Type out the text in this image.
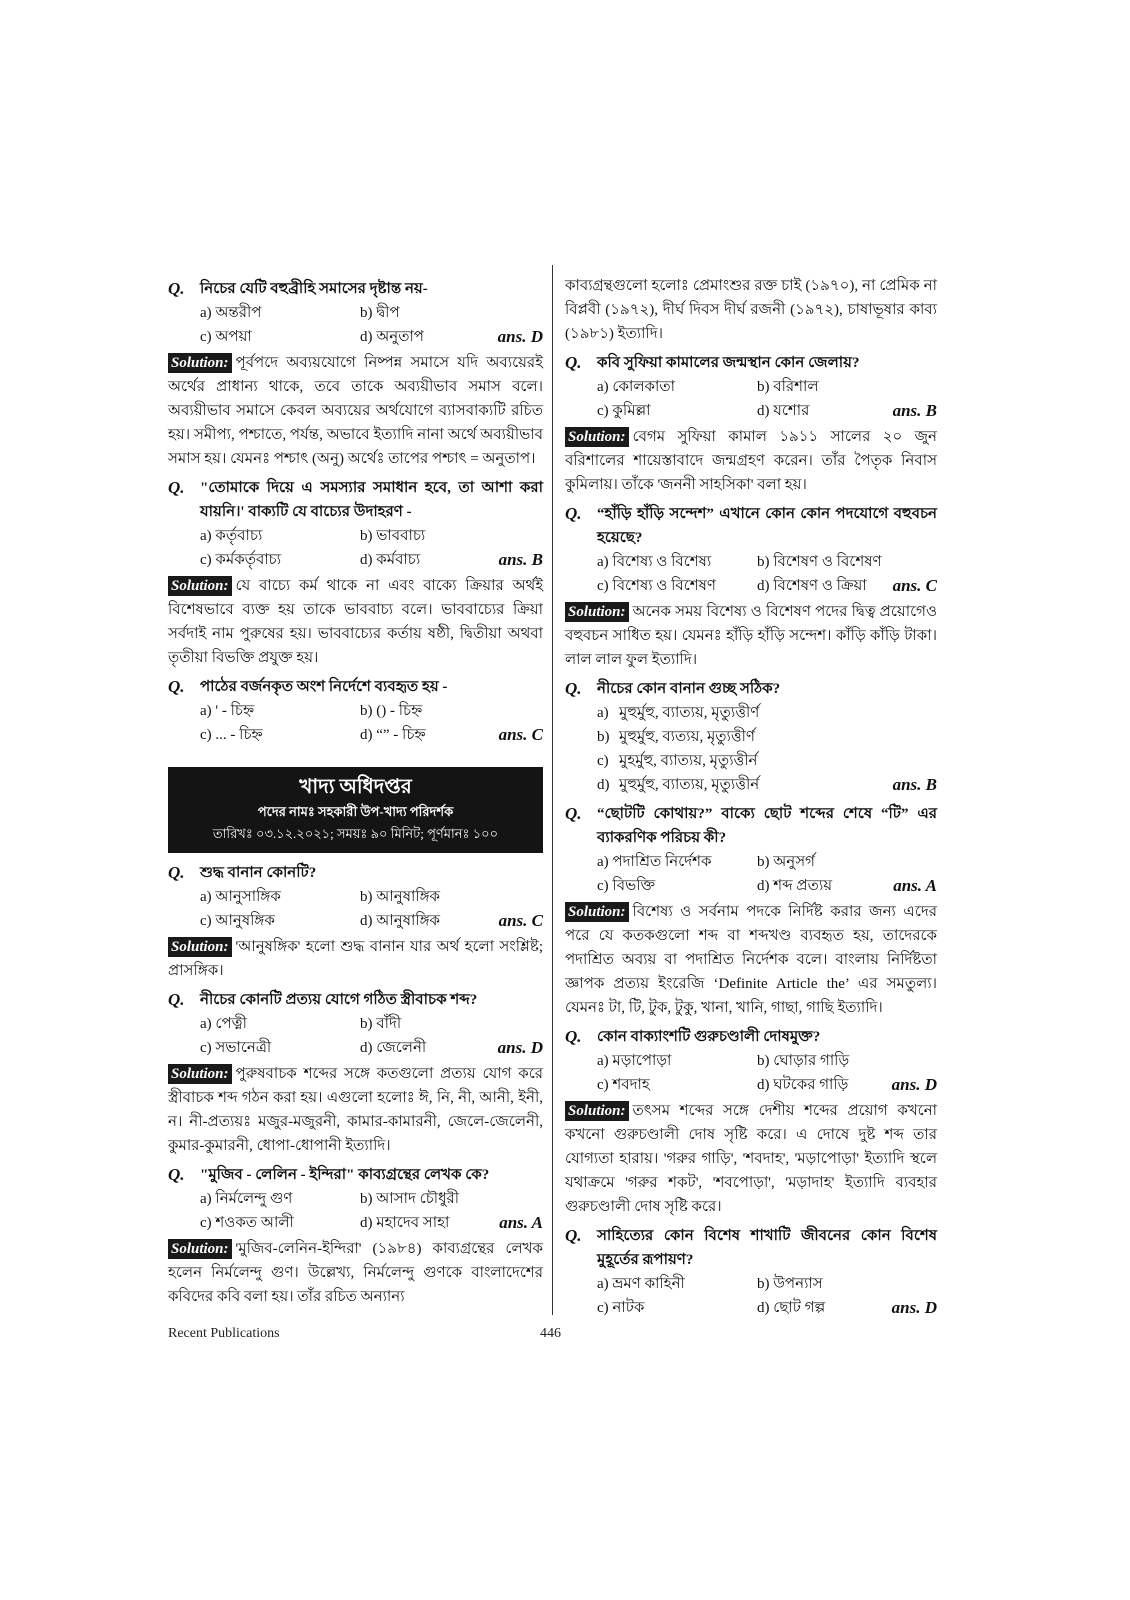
Q.	নিচের যেটি বহুব্রীহি সমাসের দৃষ্টান্ত নয়-
a) অন্তরীপ	b) দ্বীপ
c) অপয়া	d) অনুতাপ	ans. D
Solution: পূর্বপদে অব্যয়যোগে নিষ্পন্ন সমাসে যদি অব্যয়েরই অর্থের প্রাধান্য থাকে, তবে তাকে অব্যয়ীভাব সমাস বলে। অব্যয়ীভাব সমাসে কেবল অব্যয়ের অর্থযোগে ব্যাসবাক্যটি রচিত হয়। সমীপ্য, পশ্চাতে, পর্যন্ত, অভাবে ইত্যাদি নানা অর্থে অব্যয়ীভাব সমাস হয়। যেমনঃ পশ্চাৎ (অনু) অর্থেঃ তাপের পশ্চাৎ = অনুতাপ।
Q.	"তোমাকে দিয়ে এ সমস্যার সমাধান হবে, তা আশা করা যায়নি।' বাক্যটি যে বাচ্যের উদাহরণ -
a) কর্তৃবাচ্য	b) ভাববাচ্য
c) কর্মকর্তৃবাচ্য	d) কর্মবাচ্য	ans. B
Solution: যে বাচ্যে কর্ম থাকে না এবং বাক্যে ক্রিয়ার অর্থই বিশেষভাবে ব্যক্ত হয় তাকে ভাববাচ্য বলে। ভাববাচ্যের ক্রিয়া সর্বদাই নাম পুরুষের হয়। ভাববাচ্যের কর্তায় ষষ্ঠী, দ্বিতীয়া অথবা তৃতীয়া বিভক্তি প্রযুক্ত হয়।
Q.	পাঠের বর্জনকৃত অংশ নির্দেশে ব্যবহৃত হয় -
a) ' - চিহ্ন	b) () - চিহ্ন
c) ... - চিহ্ন	d) “” - চিহ্ন	ans. C
খাদ্য অধিদপ্তর
পদের নামঃ সহকারী উপ-খাদ্য পরিদর্শক
তারিখঃ ০৩.১২.২০২১; সময়ঃ ৯০ মিনিট; পূর্ণমানঃ ১০০
Q.	শুদ্ধ বানান কোনটি?
a) আনুসাঙ্গিক	b) আনুষাঙ্গিক
c) আনুষঙ্গিক	d) আনুষাঙ্গিক	ans. C
Solution: 'আনুষঙ্গিক' হলো শুদ্ধ বানান যার অর্থ হলো সংশ্লিষ্ট; প্রাসঙ্গিক।
Q.	নীচের কোনটি প্রত্যয় যোগে গঠিত স্ত্রীবাচক শব্দ?
a) পেত্নী	b) বাঁদী
c) সভানেত্রী	d) জেলেনী	ans. D
Solution: পুরুষবাচক শব্দের সঙ্গে কতগুলো প্রত্যয় যোগ করে স্ত্রীবাচক শব্দ গঠন করা হয়। এগুলো হলোঃ ঈ, নি, নী, আনী, ইনী, ন। নী-প্রত্যয়ঃ মজুর-মজুরনী, কামার-কামারনী, জেলে-জেলেনী, কুমার-কুমারনী, ধোপা-ধোপানী ইত্যাদি।
Q.	"মুজিব - লেলিন - ইন্দিরা" কাব্যগ্রন্থের লেখক কে?
a) নির্মলেন্দু গুণ	b) আসাদ চৌধুরী
c) শওকত আলী	d) মহাদেব সাহা	ans. A
Solution: 'মুজিব-লেনিন-ইন্দিরা' (১৯৮৪) কাব্যগ্রন্থের লেখক হলেন নির্মলেন্দু গুণ। উল্লেখ্য, নির্মলেন্দু গুণকে বাংলাদেশের কবিদের কবি বলা হয়। তাঁর রচিত অন্যান্য
কাব্যগ্রন্থগুলো হলোঃ প্রেমাংশুর রক্ত চাই (১৯৭০), না প্রেমিক না বিপ্লবী (১৯৭২), দীর্ঘ দিবস দীর্ঘ রজনী (১৯৭২), চাষাভূষার কাব্য (১৯৮১) ইত্যাদি।
Q.	কবি সুফিয়া কামালের জন্মস্থান কোন জেলায়?
a) কোলকাতা	b) বরিশাল
c) কুমিল্লা	d) যশোর	ans. B
Solution: বেগম সুফিয়া কামাল ১৯১১ সালের ২০ জুন বরিশালের শায়েস্তাবাদে জন্মগ্রহণ করেন। তাঁর পৈতৃক নিবাস কুমিলায়। তাঁকে 'জননী সাহসিকা' বলা হয়।
Q.	“হাঁড়ি হাঁড়ি সন্দেশ” এখানে কোন কোন পদযোগে বহুবচন হয়েছে?
a) বিশেষ্য ও বিশেষ্য	b) বিশেষণ ও বিশেষণ
c) বিশেষ্য ও বিশেষণ	d) বিশেষণ ও ক্রিয়া	ans. C
Solution: অনেক সময় বিশেষ্য ও বিশেষণ পদের দ্বিত্ব প্রয়োগেও বহুবচন সাধিত হয়। যেমনঃ হাঁড়ি হাঁড়ি সন্দেশ। কাঁড়ি কাঁড়ি টাকা। লাল লাল ফুল ইত্যাদি।
Q.	নীচের কোন বানান গুচ্ছ সঠিক?
a) মুহুর্মুহু, ব্যাত্যয়, মৃত্যুত্তীর্ণ
b) মুহুর্মুহু, ব্যত্যয়, মৃত্যুত্তীর্ণ
c) মুহর্মুহু, ব্যাত্যয়, মৃত্যুত্তীর্ন
d) মুহুর্মুহু, ব্যাত্যয়, মৃত্যুত্তীর্ন	ans. B
Q.	“ছোটটি কোথায়?” বাক্যে ছোট শব্দের শেষে “টি” এর ব্যাকরণিক পরিচয় কী?
a) পদাশ্রিত নির্দেশক	b) অনুসর্গ
c) বিভক্তি	d) শব্দ প্রত্যয়	ans. A
Solution: বিশেষ্য ও সর্বনাম পদকে নির্দিষ্ট করার জন্য এদের পরে যে কতকগুলো শব্দ বা শব্দখণ্ড ব্যবহৃত হয়, তাদেরকে পদাশ্রিত অব্যয় বা পদাশ্রিত নির্দেশক বলে। বাংলায় নির্দিষ্টতা জ্ঞাপক প্রত্যয় ইংরেজি ‘Definite Article the’ এর সমতুল্য। যেমনঃ টা, টি, টুক, টুকু, খানা, খানি, গাছা, গাছি ইত্যাদি।
Q.	কোন বাক্যাংশটি গুরুচণ্ডালী দোষমুক্ত?
a) মড়াপোড়া	b) ঘোড়ার গাড়ি
c) শবদাহ	d) ঘটকের গাড়ি	ans. D
Solution: তৎসম শব্দের সঙ্গে দেশীয় শব্দের প্রয়োগ কখনো কখনো গুরুচণ্ডালী দোষ সৃষ্টি করে। এ দোষে দুষ্ট শব্দ তার যোগ্যতা হারায়। 'গরুর গাড়ি', 'শবদাহ', 'মড়াপোড়া' ইত্যাদি স্থলে যথাক্রমে 'গরুর শকট', 'শবপোড়া', 'মড়াদাহ' ইত্যাদি ব্যবহার গুরুচণ্ডালী দোষ সৃষ্টি করে।
Q.	সাহিত্যের কোন বিশেষ শাখাটি জীবনের কোন বিশেষ মুহূর্তের রূপায়ণ?
a) ভ্রমণ কাহিনী	b) উপন্যাস
c) নাটক	d) ছোট গল্প	ans. D
Recent Publications	446
